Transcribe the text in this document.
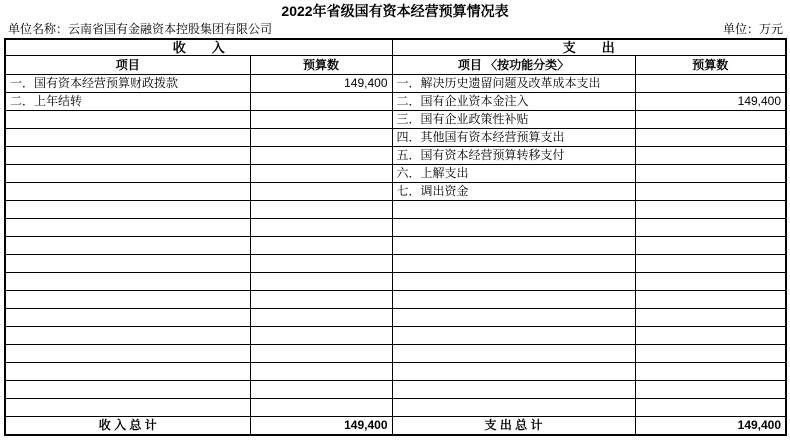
2022年省级国有资本经营预算情况表
单位名称：云南省国有金融资本控股集团有限公司	单位：万元
收　　入		支　　出	
项目	预算数	项目 〈按功能分类〉	预算数
一．国有资本经营预算财政拨款	149,400	一．解决历史遗留问题及改革成本支出	
二．上年结转		二．国有企业资本金注入	149,400
		三．国有企业政策性补贴	
		四．其他国有资本经营预算支出	
		五．国有资本经营预算转移支付	
		六．上解支出	
		七．调出资金	

收 入 总 计	149,400	支 出 总 计	149,400
